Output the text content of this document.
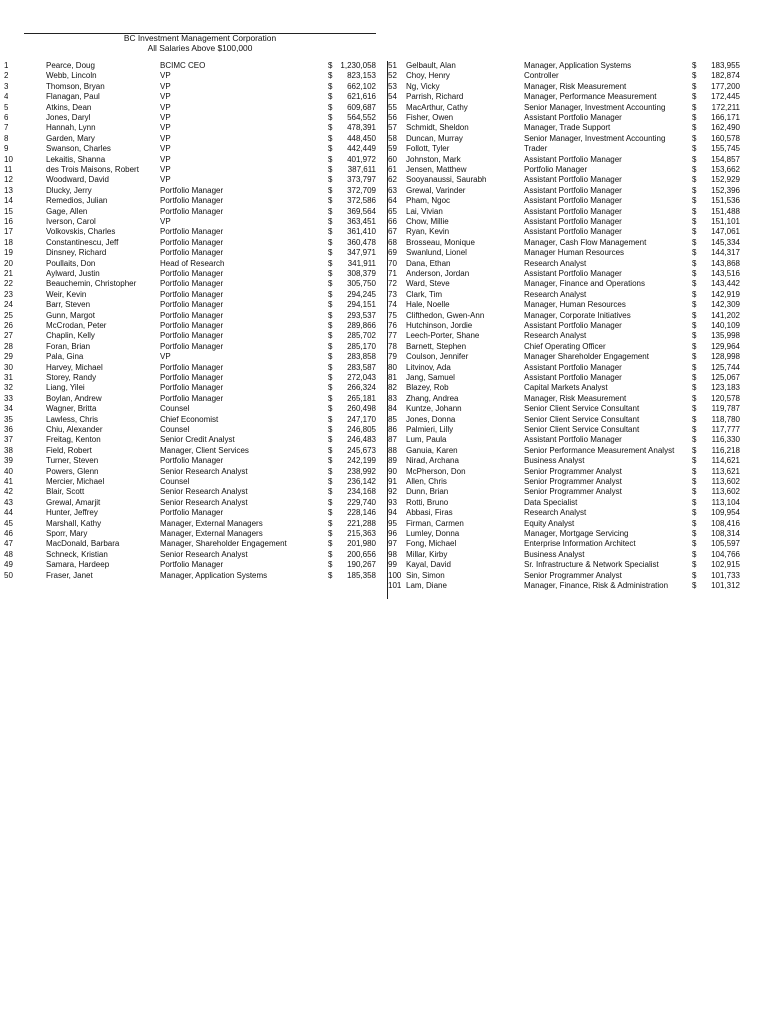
BC Investment Management Corporation
All Salaries Above $100,000
1	Pearce, Doug	BCIMC CEO	$ 1,230,058
2	Webb, Lincoln	VP	$	823,153
3	Thomson, Bryan	VP	$	662,102
4	Flanagan, Paul	VP	$	621,616
5	Atkins, Dean	VP	$	609,687
6	Jones, Daryl	VP	$	564,552
7	Hannah, Lynn	VP	$	478,391
8	Garden, Mary	VP	$	448,450
9	Swanson, Charles	VP	$	442,449
10	Lekaitis, Shanna	VP	$	401,972
11	des Trois Maisons, Robert	VP	$	387,611
12	Woodward, David	VP	$	373,797
13	Dlucky, Jerry	Portfolio Manager	$	372,709
14	Remedios, Julian	Portfolio Manager	$	372,586
15	Gage, Allen	Portfolio Manager	$	369,564
16	Iverson, Carol	VP	$	363,451
17	Volkovskis, Charles	Portfolio Manager	$	361,410
18	Constantinescu, Jeff	Portfolio Manager	$	360,478
19	Dinsney, Richard	Portfolio Manager	$	347,971
20	Poullaits, Don	Head of Research	$	341,911
21	Aylward, Justin	Portfolio Manager	$	308,379
22	Beauchemin, Christopher	Portfolio Manager	$	305,750
23	Weir, Kevin	Portfolio Manager	$	294,245
24	Barr, Steven	Portfolio Manager	$	294,151
25	Gunn, Margot	Portfolio Manager	$	293,537
26	McCrodan, Peter	Portfolio Manager	$	289,866
27	Chaplin, Kelly	Portfolio Manager	$	285,702
28	Foran, Brian	Portfolio Manager	$	285,170
29	Pala, Gina	VP	$	283,858
30	Harvey, Michael	Portfolio Manager	$	283,587
31	Storey, Randy	Portfolio Manager	$	272,043
32	Liang, Yilei	Portfolio Manager	$	266,324
33	Boylan, Andrew	Portfolio Manager	$	265,181
34	Wagner, Britta	Counsel	$	260,498
35	Lawless, Chris	Chief Economist	$	247,170
36	Chiu, Alexander	Counsel	$	246,805
37	Freitag, Kenton	Senior Credit Analyst	$	246,483
38	Field, Robert	Manager, Client Services	$	245,673
39	Turner, Steven	Portfolio Manager	$	242,199
40	Powers, Glenn	Senior Research Analyst	$	238,992
41	Mercier, Michael	Counsel	$	236,142
42	Blair, Scott	Senior Research Analyst	$	234,168
43	Grewal, Amarjit	Senior Research Analyst	$	229,740
44	Hunter, Jeffrey	Portfolio Manager	$	228,146
45	Marshall, Kathy	Manager, External Managers	$	221,288
46	Sporr, Mary	Manager, External Managers	$	215,363
47	MacDonald, Barbara	Manager, Shareholder Engagement	$	201,980
48	Schneck, Kristian	Senior Research Analyst	$	200,656
49	Samara, Hardeep	Portfolio Manager	$	190,267
50	Fraser, Janet	Manager, Application Systems	$	185,358
51 Gelbault, Alan	Manager, Application Systems	$	183,955
52 Choy, Henry	Controller	$	182,874
53 Ng, Vicky	Manager, Risk Measurement	$	177,200
54 Parrish, Richard	Manager, Performance Measurement	$	172,445
55 MacArthur, Cathy	Senior Manager, Investment Accounting	$	172,211
56 Fisher, Owen	Assistant Portfolio Manager	$	166,171
57 Schmidt, Sheldon	Manager, Trade Support	$	162,490
58 Duncan, Murray	Senior Manager, Investment Accounting	$	160,578
59 Follott, Tyler	Trader	$	155,745
60 Johnston, Mark	Assistant Portfolio Manager	$	154,857
61 Jensen, Matthew	Portfolio Manager	$	153,662
62 Sooyanaussi, Saurabh	Assistant Portfolio Manager	$	152,929
63 Grewal, Varinder	Assistant Portfolio Manager	$	152,396
64 Pham, Ngoc	Assistant Portfolio Manager	$	151,536
65 Lai, Vivian	Assistant Portfolio Manager	$	151,488
66 Chow, Millie	Assistant Portfolio Manager	$	151,101
67 Ryan, Kevin	Assistant Portfolio Manager	$	147,061
68 Brosseau, Monique	Manager, Cash Flow Management	$	145,334
69 Swanlund, Lionel	Manager Human Resources	$	144,317
70 Dana, Ethan	Research Analyst	$	143,868
71 Anderson, Jordan	Assistant Portfolio Manager	$	143,516
72 Ward, Steve	Manager, Finance and Operations	$	143,442
73 Clark, Tim	Research Analyst	$	142,919
74 Hale, Noelle	Manager, Human Resources	$	142,309
75 Clifthedon, Gwen-Ann	Manager, Corporate Initiatives	$	141,202
76 Hutchinson, Jordie	Assistant Portfolio Manager	$	140,109
77 Leech-Porter, Shane	Research Analyst	$	135,998
78 Barnett, Stephen	Chief Operating Officer	$	129,964
79 Coulson, Jennifer	Manager Shareholder Engagement	$	128,998
80 Litvinov, Ada	Assistant Portfolio Manager	$	125,744
81 Jang, Samuel	Assistant Portfolio Manager	$	125,067
82 Blazey, Rob	Capital Markets Analyst	$	123,183
83 Zhang, Andrea	Manager, Risk Measurement	$	120,578
84 Kuntze, Johann	Senior Client Service Consultant	$	119,787
85 Jones, Donna	Senior Client Service Consultant	$	118,780
86 Palmieri, Lilly	Senior Client Service Consultant	$	117,777
87 Lum, Paula	Assistant Portfolio Manager	$	116,330
88 Ganuia, Karen	Senior Performance Measurement Analyst	$	116,218
89 Nirad, Archana	Business Analyst	$	114,621
90 McPherson, Don	Senior Programmer Analyst	$	113,621
91 Allen, Chris	Senior Programmer Analyst	$	113,602
92 Dunn, Brian	Senior Programmer Analyst	$	113,602
93 Rotti, Bruno	Data Specialist	$	113,104
94 Abbasi, Firas	Research Analyst	$	109,954
95 Firman, Carmen	Equity Analyst	$	108,416
96 Lumley, Donna	Manager, Mortgage Servicing	$	108,314
97 Fong, Michael	Enterprise Information Architect	$	105,597
98 Millar, Kirby	Business Analyst	$	104,766
99 Kayal, David	Sr. Infrastructure & Network Specialist	$	102,915
100 Sin, Simon	Senior Programmer Analyst	$	101,733
101 Lam, Diane	Manager, Finance, Risk & Administration	$	101,312
